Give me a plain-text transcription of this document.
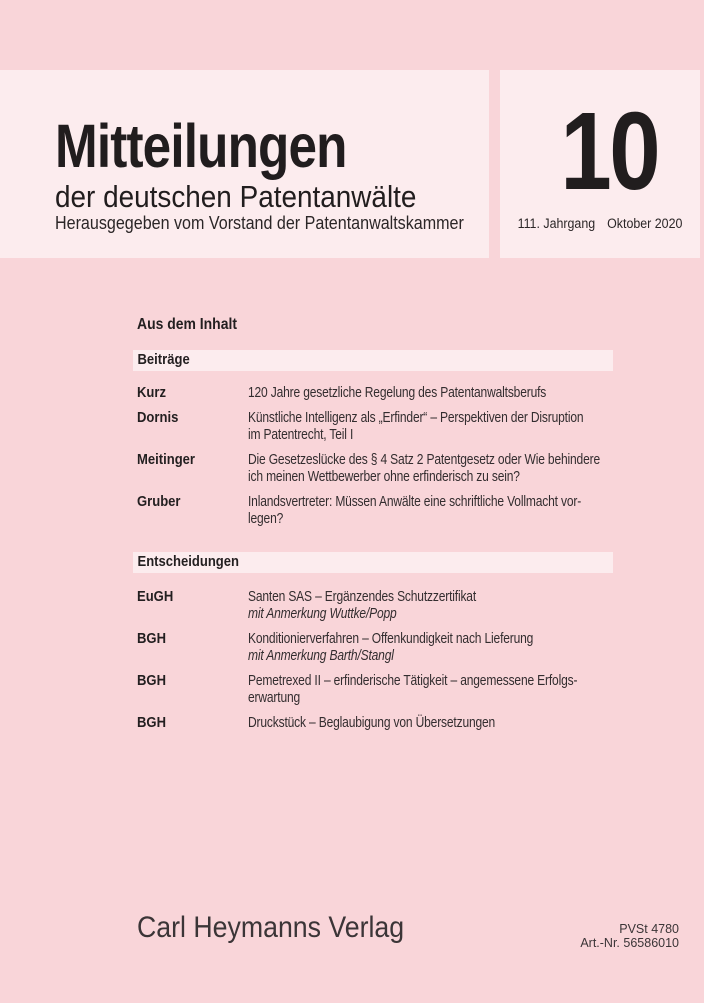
Mitteilungen
der deutschen Patentanwälte
Herausgegeben vom Vorstand der Patentanwaltskammer
10
111. Jahrgang Oktober 2020
Aus dem Inhalt
Beiträge
Kurz	120 Jahre gesetzliche Regelung des Patentanwaltsberufs
Dornis	Künstliche Intelligenz als „Erfinder“ – Perspektiven der Disruption
im Patentrecht, Teil I
Meitinger	Die Gesetzeslücke des § 4 Satz 2 Patentgesetz oder Wie behindere
ich meinen Wettbewerber ohne erfinderisch zu sein?
Gruber	Inlandsvertreter: Müssen Anwälte eine schriftliche Vollmacht vor-
legen?
Entscheidungen
EuGH	Santen SAS – Ergänzendes Schutzzertifikat
mit Anmerkung Wuttke/Popp
BGH	Konditionierverfahren – Offenkundigkeit nach Lieferung
mit Anmerkung Barth/Stangl
BGH	Pemetrexed II – erfinderische Tätigkeit – angemessene Erfolgs-
erwartung
BGH	Druckstück – Beglaubigung von Übersetzungen
Carl Heymanns Verlag	PVSt 4780
Art.-Nr. 56586010
